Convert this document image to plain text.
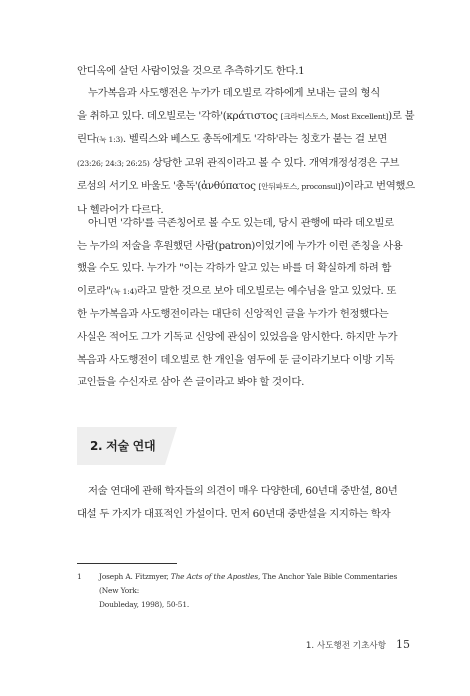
안디옥에 살던 사람이었을 것으로 추측하기도 한다.1

누가복음과 사도행전은 누가가 데오빌로 각하에게 보내는 글의 형식
을 취하고 있다. 데오빌로는 '각하'(κράτιστος [크라티스토스, Most Excellent])로 불
린다(눅 1:3). 벨릭스와 베스도 총독에게도 '각하'라는 칭호가 붙는 걸 보면
(23:26; 24:3; 26:25) 상당한 고위 관직이라고 볼 수 있다. 개역개정성경은 구브
로섬의 서기오 바울도 '총독'(ἀνθύπατος [안뒤파토스, proconsul])이라고 번역했으
나 헬라어가 다르다.

아니면 '각하'를 극존칭어로 볼 수도 있는데, 당시 관행에 따라 데오빌로
는 누가의 저술을 후원했던 사람(patron)이었기에 누가가 이런 존칭을 사용
했을 수도 있다. 누가가 "이는 각하가 알고 있는 바를 더 확실하게 하려 함
이로라"(눅 1:4)라고 말한 것으로 보아 데오빌로는 예수님을 알고 있었다. 또
한 누가복음과 사도행전이라는 대단히 신앙적인 글을 누가가 헌정했다는
사실은 적어도 그가 기독교 신앙에 관심이 있었음을 암시한다. 하지만 누가
복음과 사도행전이 데오빌로 한 개인을 염두에 둔 글이라기보다 이방 기독
교인들을 수신자로 삼아 쓴 글이라고 봐야 할 것이다.

2. 저술 연대

저술 연대에 관해 학자들의 의견이 매우 다양한데, 60년대 중반설, 80년
대설 두 가지가 대표적인 가설이다. 먼저 60년대 중반설을 지지하는 학자

1 Joseph A. Fitzmyer, The Acts of the Apostles, The Anchor Yale Bible Commentaries (New York:
Doubleday, 1998), 50-51.
1. 사도행전 기초사항 15
